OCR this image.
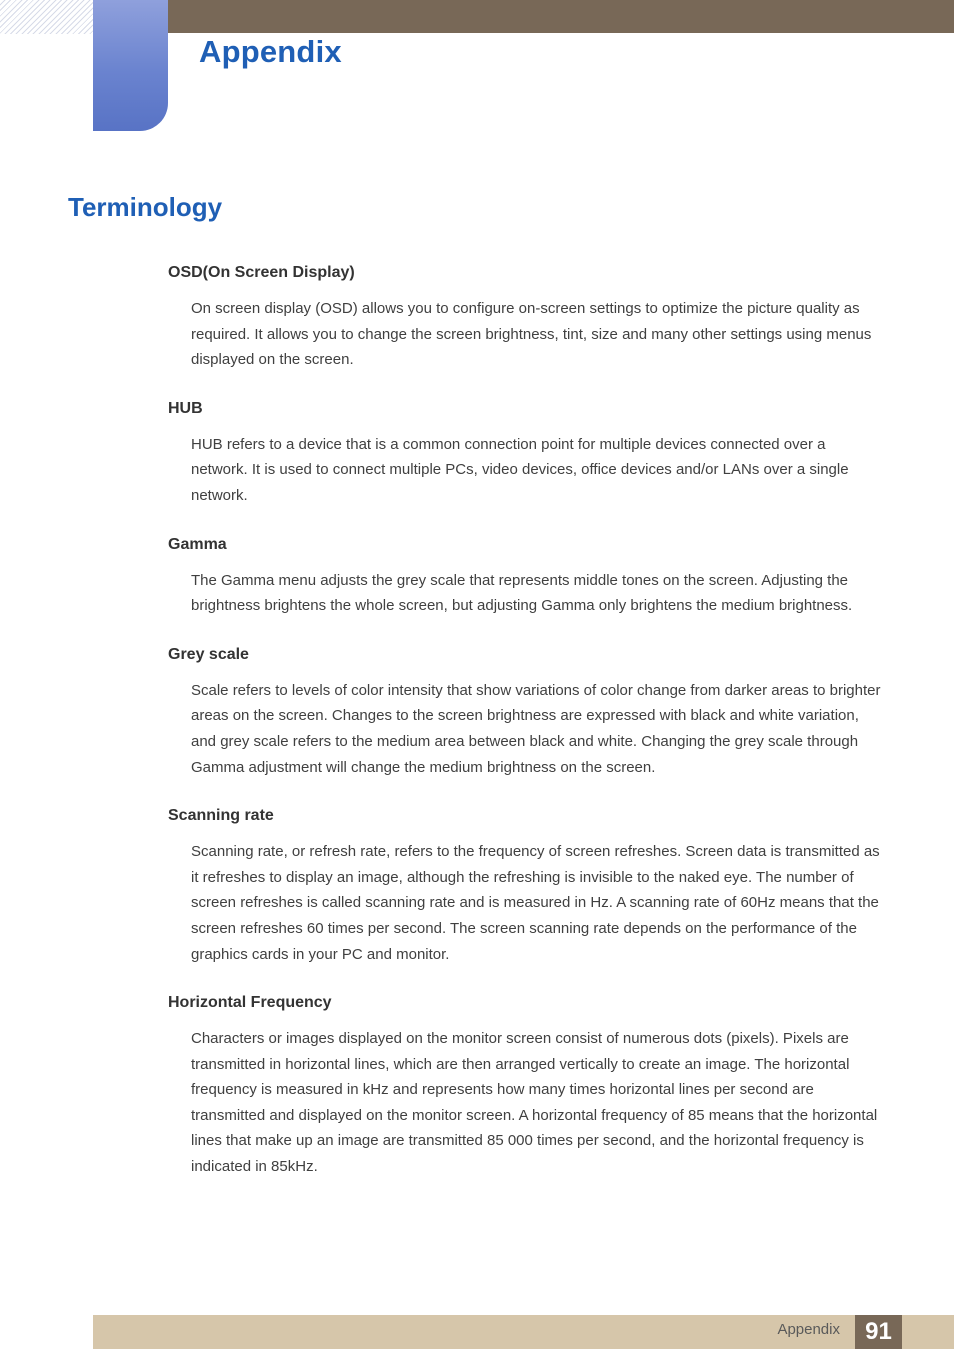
Appendix
Terminology

OSD(On Screen Display)

On screen display (OSD) allows you to configure on-screen settings to optimize the picture quality as required. It allows you to change the screen brightness, tint, size and many other settings using menus displayed on the screen.

HUB

HUB refers to a device that is a common connection point for multiple devices connected over a network. It is used to connect multiple PCs, video devices, office devices and/or LANs over a single network.

Gamma

The Gamma menu adjusts the grey scale that represents middle tones on the screen. Adjusting the brightness brightens the whole screen, but adjusting Gamma only brightens the medium brightness.

Grey scale

Scale refers to levels of color intensity that show variations of color change from darker areas to brighter areas on the screen. Changes to the screen brightness are expressed with black and white variation, and grey scale refers to the medium area between black and white. Changing the grey scale through Gamma adjustment will change the medium brightness on the screen.

Scanning rate

Scanning rate, or refresh rate, refers to the frequency of screen refreshes. Screen data is transmitted as it refreshes to display an image, although the refreshing is invisible to the naked eye. The number of screen refreshes is called scanning rate and is measured in Hz. A scanning rate of 60Hz means that the screen refreshes 60 times per second. The screen scanning rate depends on the performance of the graphics cards in your PC and monitor.

Horizontal Frequency

Characters or images displayed on the monitor screen consist of numerous dots (pixels). Pixels are transmitted in horizontal lines, which are then arranged vertically to create an image. The horizontal frequency is measured in kHz and represents how many times horizontal lines per second are transmitted and displayed on the monitor screen. A horizontal frequency of 85 means that the horizontal lines that make up an image are transmitted 85 000 times per second, and the horizontal frequency is indicated in 85kHz.

Appendix	91
